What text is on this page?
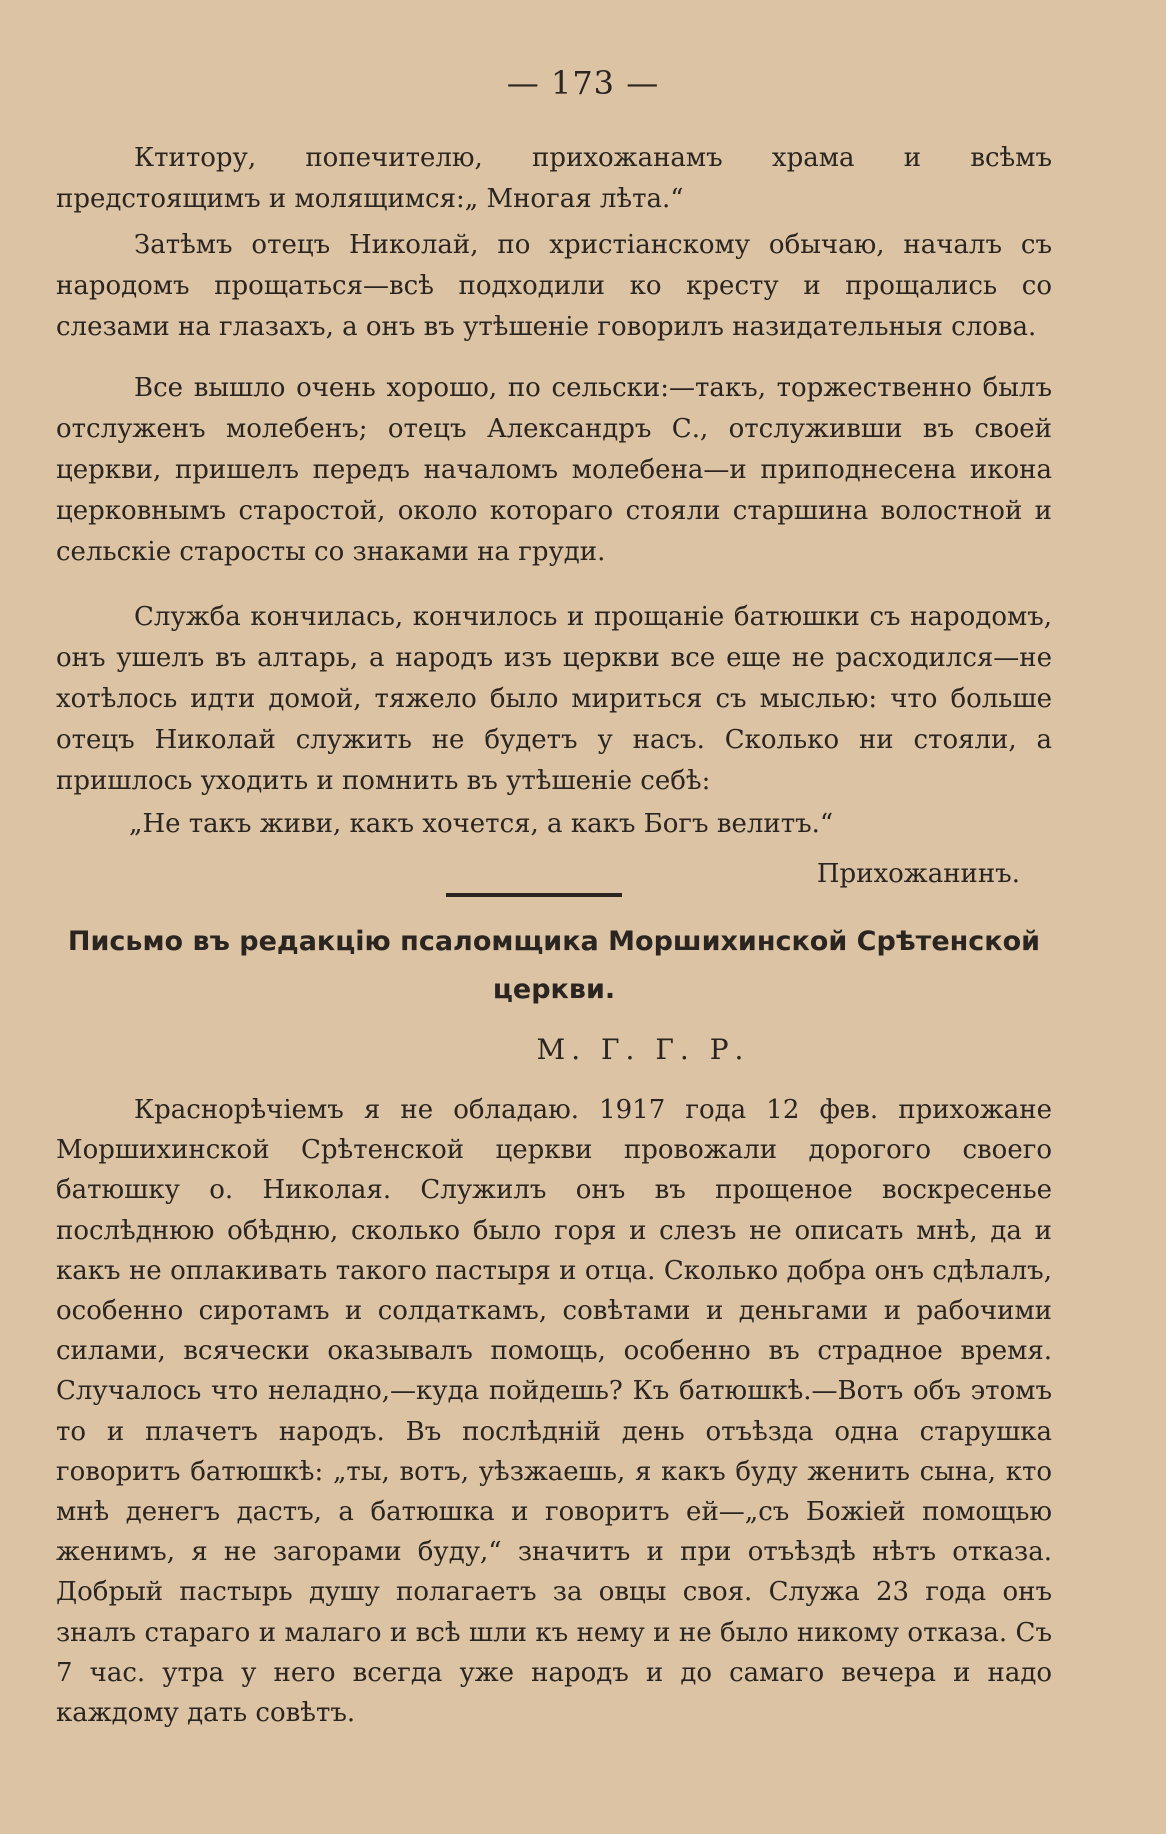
— 173 —

Ктитору, попечителю, прихожанамъ храма и всѣмъ предстоящимъ и молящимся:„ Многая лѣта.“

Затѣмъ отецъ Николай, по христіанскому обычаю, началъ съ народомъ прощаться—всѣ подходили ко кресту и прощались со слезами на глазахъ, а онъ въ утѣшеніе говорилъ назидательныя слова.

Все вышло очень хорошо, по сельски:—такъ, торжественно былъ отслуженъ молебенъ; отецъ Александръ С., отслуживши въ своей церкви, пришелъ передъ началомъ молебена—и приподнесена икона церковнымъ старостой, около котораго стояли старшина волостной и сельскіе старосты со знаками на груди.

Служба кончилась, кончилось и прощаніе батюшки съ народомъ, онъ ушелъ въ алтарь, а народъ изъ церкви все еще не расходился—не хотѣлось идти домой, тяжело было мириться съ мыслью: что больше отецъ Николай служить не будетъ у насъ. Сколько ни стояли, а пришлось уходить и помнить въ утѣшеніе себѣ:

„Не такъ живи, какъ хочется, а какъ Богъ велитъ.“
Прихожанинъ.
Письмо въ редакцію псаломщика Моршихинской Срѣтенской церкви.
М. Г. Г. Р.

Краснорѣчіемъ я не обладаю. 1917 года 12 фев. прихожане Моршихинской Срѣтенской церкви провожали дорогого своего батюшку о. Николая. Служилъ онъ въ прощеное воскресенье послѣднюю обѣдню, сколько было горя и слезъ не описать мнѣ, да и какъ не оплакивать такого пастыря и отца. Сколько добра онъ сдѣлалъ, особенно сиротамъ и солдаткамъ, совѣтами и деньгами и рабочими силами, всячески оказывалъ помощь, особенно въ страдное время. Случалось что неладно,—куда пойдешь? Къ батюшкѣ.—Вотъ объ этомъ то и плачетъ народъ. Въ послѣдній день отъѣзда одна старушка говоритъ батюшкѣ: „ты, вотъ, уѣзжаешь, я какъ буду женить сына, кто мнѣ денегъ дастъ, а батюшка и говоритъ ей—„съ Божіей помощью женимъ, я не загорами буду,“ значитъ и при отъѣздѣ нѣтъ отказа. Добрый пастырь душу полагаетъ за овцы своя. Служа 23 года онъ зналъ стараго и малаго и всѣ шли къ нему и не было никому отказа. Съ 7 час. утра у него всегда уже народъ и до самаго вечера и надо каждому дать совѣтъ.
